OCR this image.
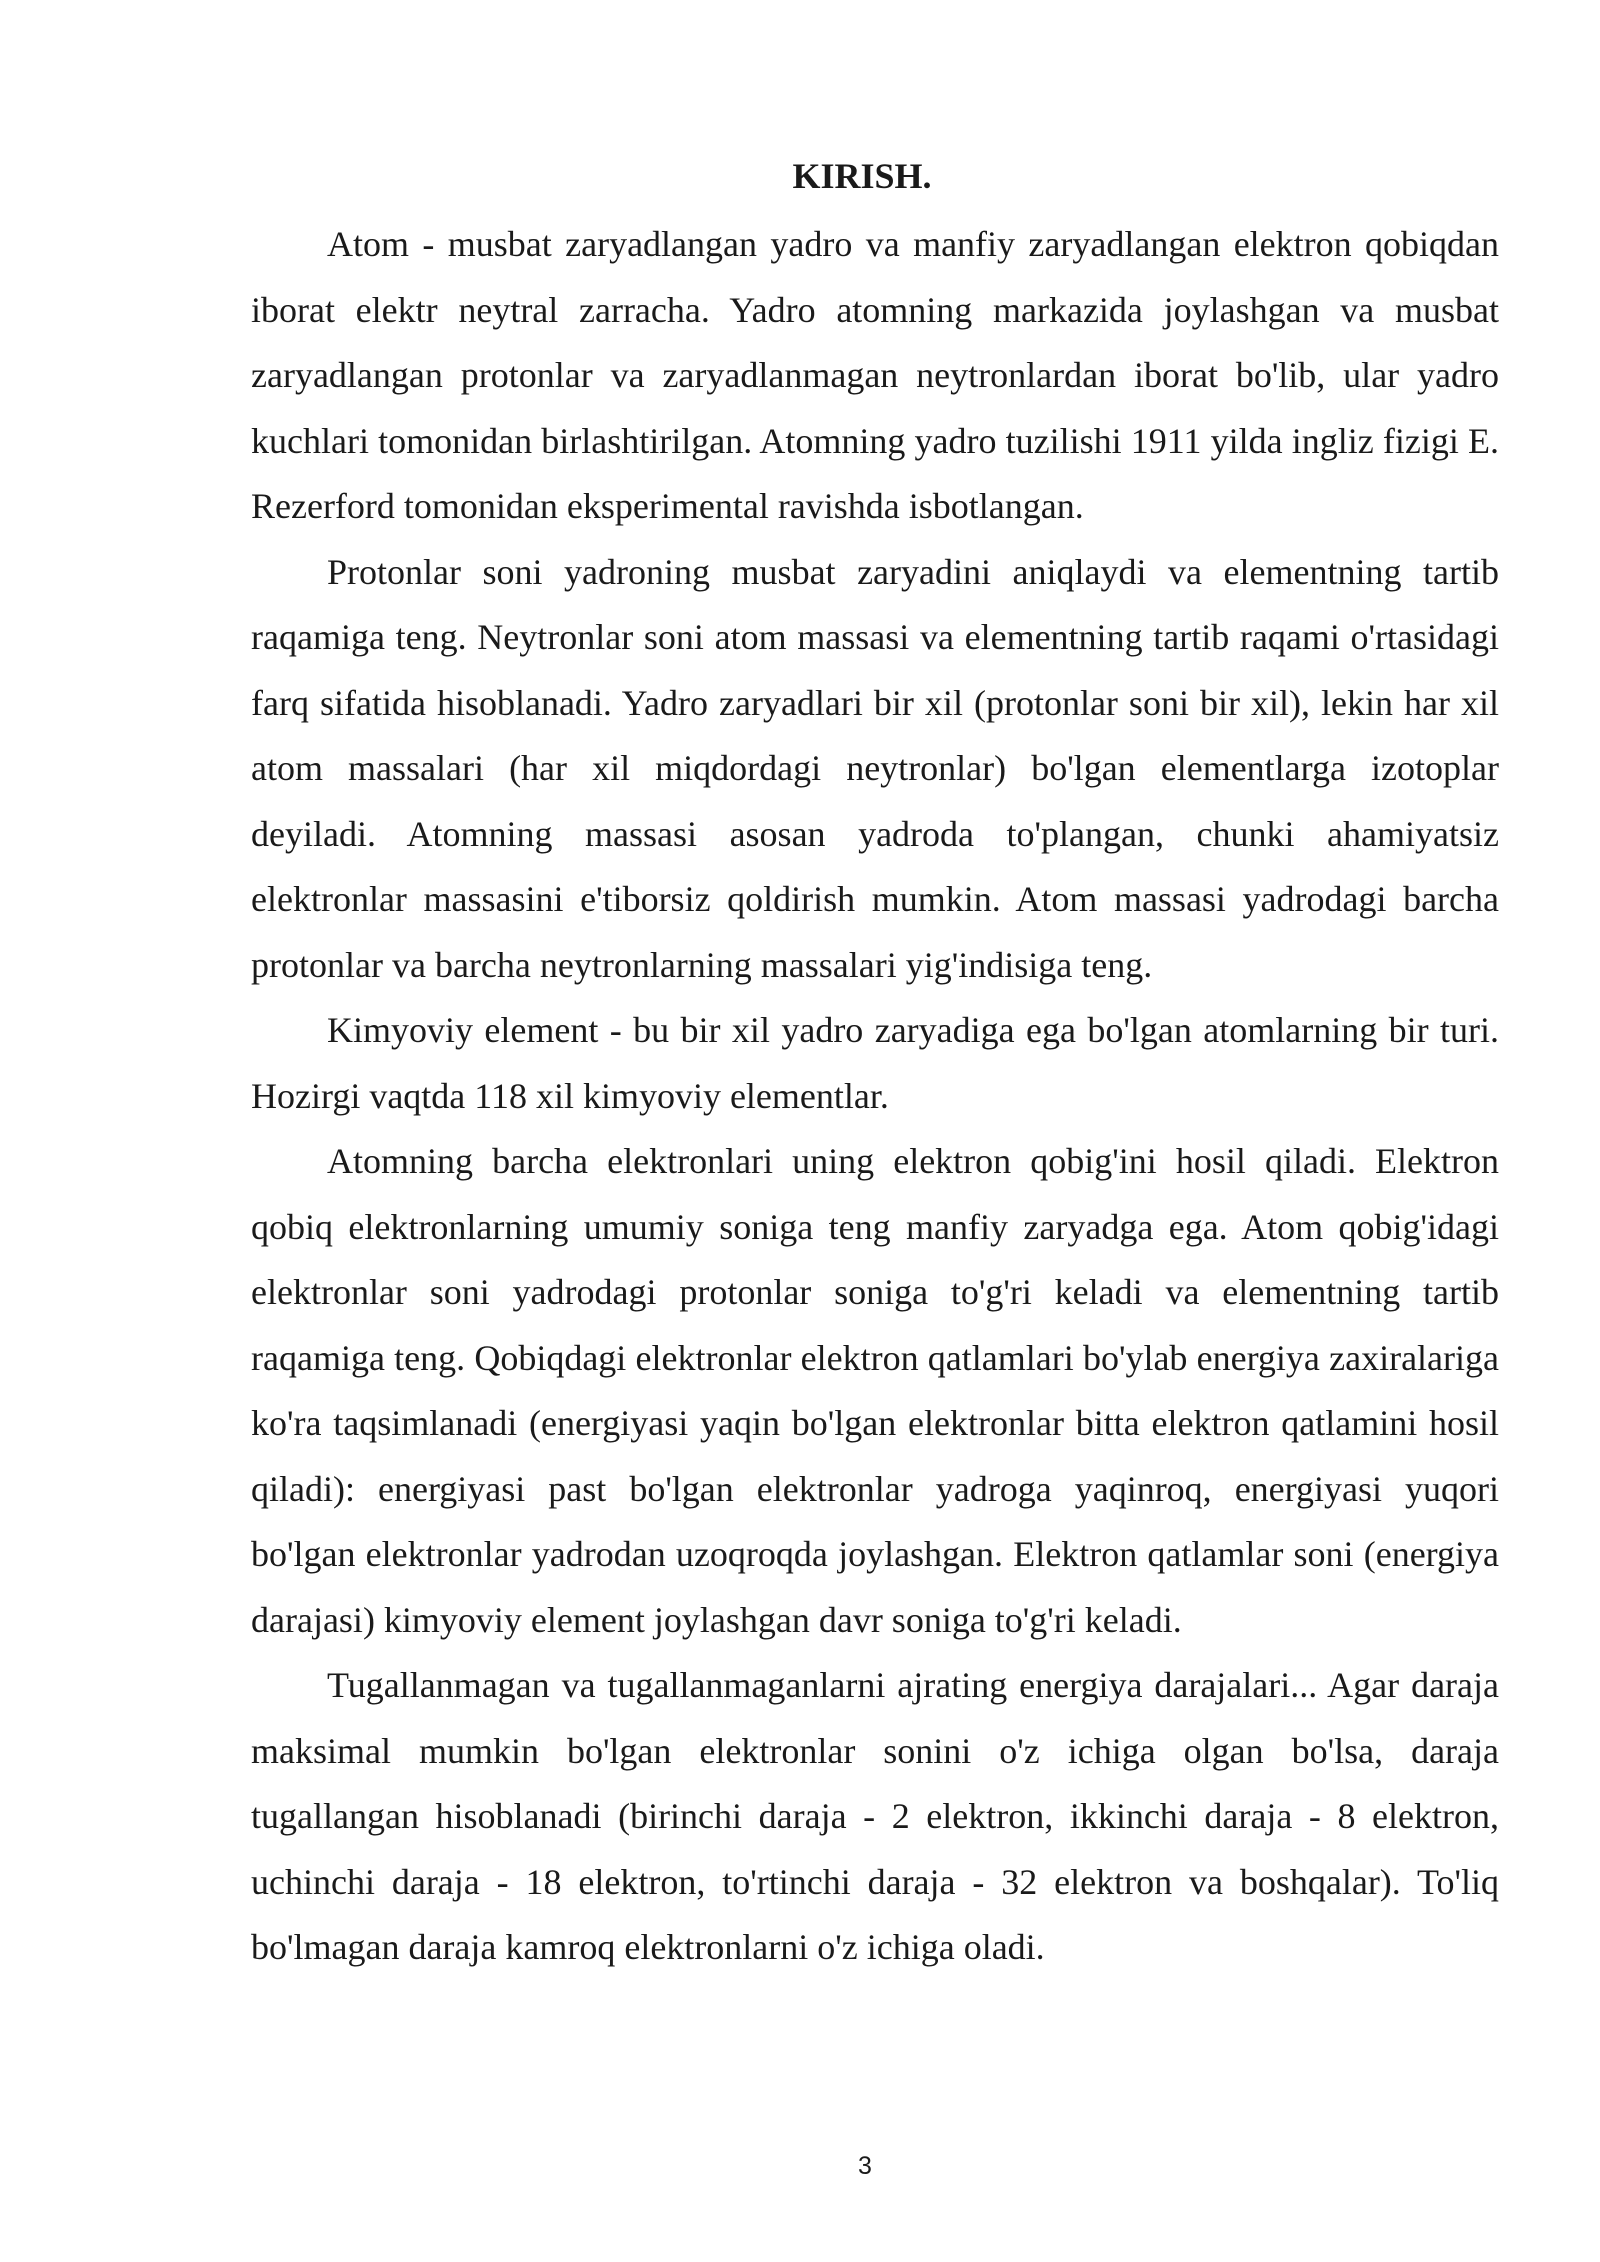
KIRISH.

Atom - musbat zaryadlangan yadro va manfiy zaryadlangan elektron qobiqdan iborat elektr neytral zarracha. Yadro atomning markazida joylashgan va musbat zaryadlangan protonlar va zaryadlanmagan neytronlardan iborat bo'lib, ular yadro kuchlari tomonidan birlashtirilgan. Atomning yadro tuzilishi 1911 yilda ingliz fizigi E. Rezerford tomonidan eksperimental ravishda isbotlangan.

Protonlar soni yadroning musbat zaryadini aniqlaydi va elementning tartib raqamiga teng. Neytronlar soni atom massasi va elementning tartib raqami o'rtasidagi farq sifatida hisoblanadi. Yadro zaryadlari bir xil (protonlar soni bir xil), lekin har xil atom massalari (har xil miqdordagi neytronlar) bo'lgan elementlarga izotoplar deyiladi. Atomning massasi asosan yadroda to'plangan, chunki ahamiyatsiz elektronlar massasini e'tiborsiz qoldirish mumkin. Atom massasi yadrodagi barcha protonlar va barcha neytronlarning massalari yig'indisiga teng.

Kimyoviy element - bu bir xil yadro zaryadiga ega bo'lgan atomlarning bir turi. Hozirgi vaqtda 118 xil kimyoviy elementlar.

Atomning barcha elektronlari uning elektron qobig'ini hosil qiladi. Elektron qobiq elektronlarning umumiy soniga teng manfiy zaryadga ega. Atom qobig'idagi elektronlar soni yadrodagi protonlar soniga to'g'ri keladi va elementning tartib raqamiga teng. Qobiqdagi elektronlar elektron qatlamlari bo'ylab energiya zaxiralariga ko'ra taqsimlanadi (energiyasi yaqin bo'lgan elektronlar bitta elektron qatlamini hosil qiladi): energiyasi past bo'lgan elektronlar yadroga yaqinroq, energiyasi yuqori bo'lgan elektronlar yadrodan uzoqroqda joylashgan. Elektron qatlamlar soni (energiya darajasi) kimyoviy element joylashgan davr soniga to'g'ri keladi.

Tugallanmagan va tugallanmaganlarni ajrating energiya darajalari... Agar daraja maksimal mumkin bo'lgan elektronlar sonini o'z ichiga olgan bo'lsa, daraja tugallangan hisoblanadi (birinchi daraja - 2 elektron, ikkinchi daraja - 8 elektron, uchinchi daraja - 18 elektron, to'rtinchi daraja - 32 elektron va boshqalar). To'liq bo'lmagan daraja kamroq elektronlarni o'z ichiga oladi.

3
